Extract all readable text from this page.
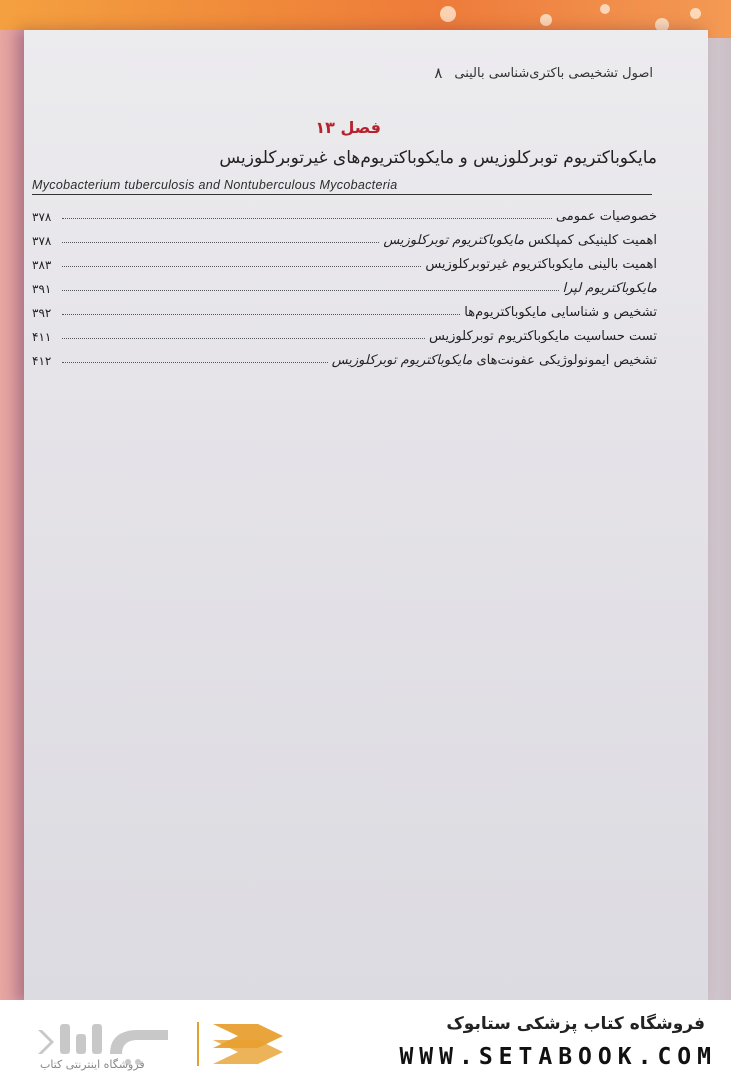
اصول تشخیصی باکتری‌شناسی بالینی
۸
فصل ۱۳
مایکوباکتریوم توبرکلوزیس و مایکوباکتریوم‌های غیرتوبرکلوزیس
Mycobacterium tuberculosis and Nontuberculous Mycobacteria
۳۷۸	خصوصیات عمومی
۳۷۸	اهمیت کلینیکی کمپلکس مایکوباکتریوم توبرکلوزیس
۳۸۳	اهمیت بالینی مایکوباکتریوم غیرتوبرکلوزیس
۳۹۱	مایکوباکتریوم لپرا
۳۹۲	تشخیص و شناسایی مایکوباکتریوم‌ها
۴۱۱	تست حساسیت مایکوباکتریوم توبرکلوزیس
۴۱۲	تشخیص ایمونولوژیکی عفونت‌های مایکوباکتریوم توبرکلوزیس
فروشگاه اینترنتی کتاب
فروشگاه کتاب پزشکی ستابوک
WWW.SETABOOK.COM
